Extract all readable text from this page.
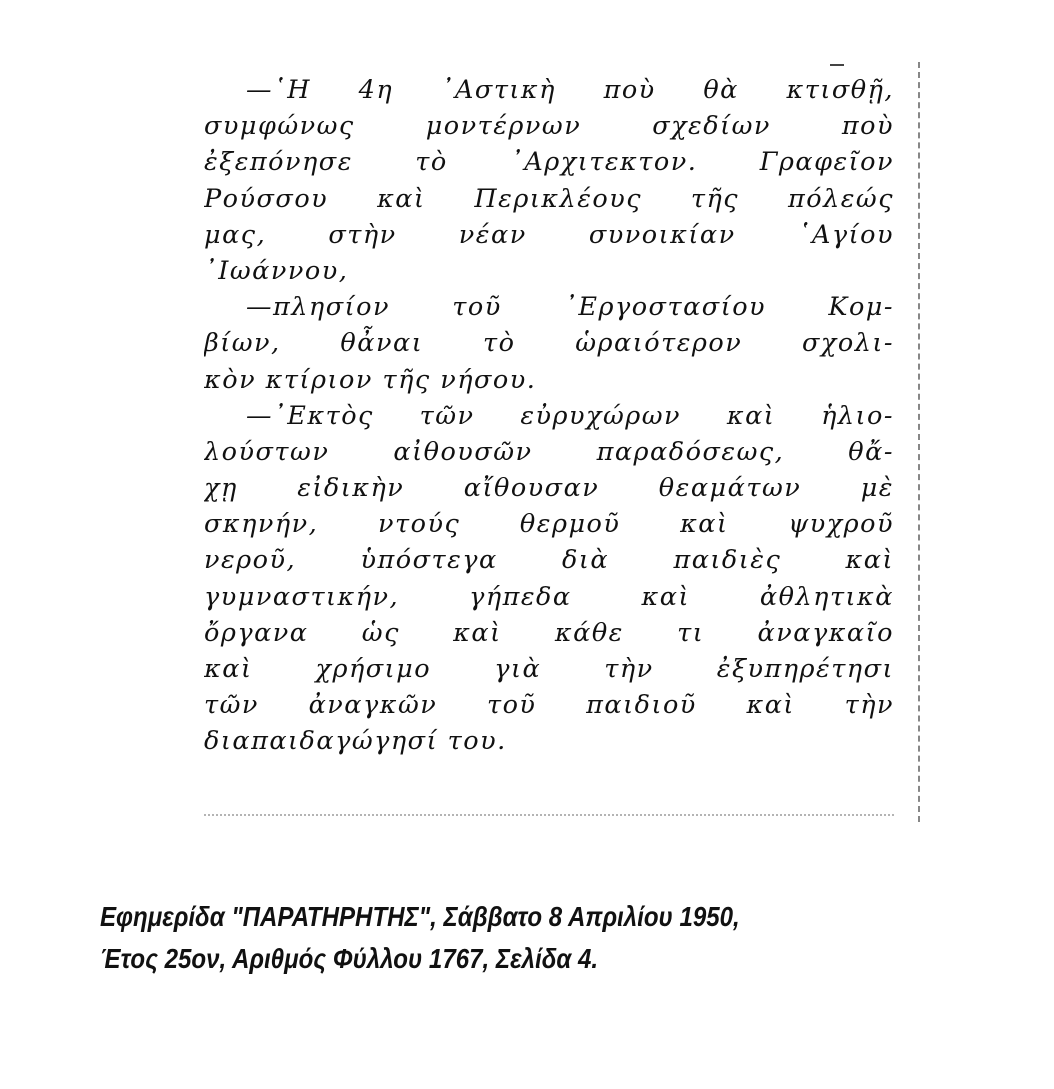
—῾Η 4η ᾿Αστικὴ ποὺ θὰ κτισθῇ,
συμφώνως μοντέρνων σχεδίων ποὺ
ἐξεπόνησε τὸ ᾿Αρχιτεκτον. Γραφεῖον
Ρούσσου καὶ Περικλέους τῆς πόλεώς
μας, στὴν νέαν συνοικίαν ῾Αγίου
᾿Ιωάννου,
—πλησίον τοῦ ᾿Εργοστασίου Κομ-
βίων, θἆναι τὸ ὡραιότερον σχολι-
κὸν κτίριον τῆς νήσου.
—᾿Εκτὸς τῶν εὐρυχώρων καὶ ἡλιο-
λούστων αἰθουσῶν παραδόσεως, θἄ-
χῃ εἰδικὴν αἴθουσαν θεαμάτων μὲ
σκηνήν, ντούς θερμοῦ καὶ ψυχροῦ
νεροῦ, ὑπόστεγα διὰ παιδιὲς καὶ
γυμναστικήν, γήπεδα καὶ ἀθλητικὰ
ὄργανα ὡς καὶ κάθε τι ἀναγκαῖο
καὶ χρήσιμο γιὰ τὴν ἐξυπηρέτησι
τῶν ἀναγκῶν τοῦ παιδιοῦ καὶ τὴν
διαπαιδαγώγησί του.
Εφημερίδα "ΠΑΡΑΤΗΡΗΤΗΣ", Σάββατο 8 Απριλίου 1950,
Έτος 25ον, Αριθμός Φύλλου 1767, Σελίδα 4.
